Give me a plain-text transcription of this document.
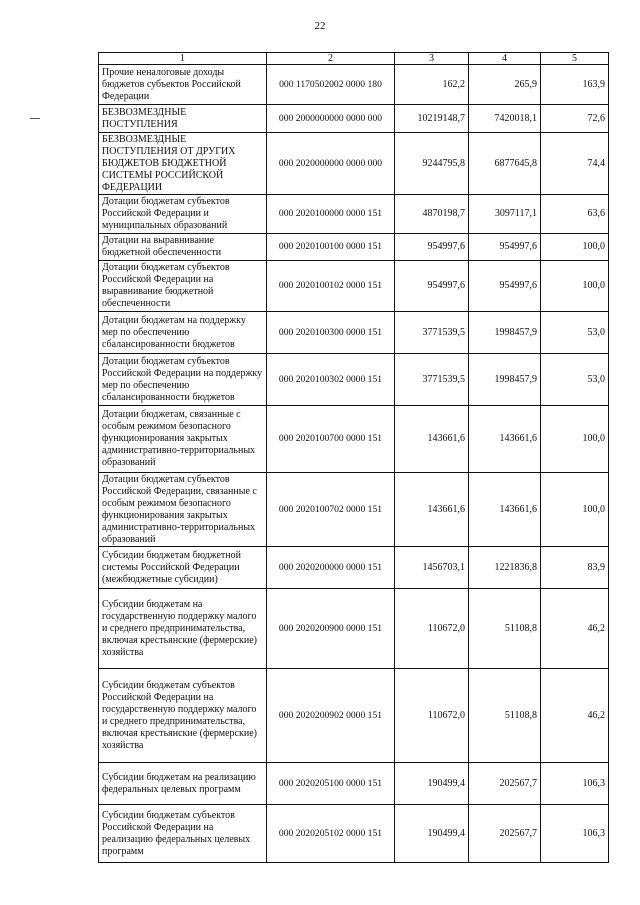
22
1	2	3	4	5
Прочие неналоговые доходы бюджетов субъектов Российской Федерации	000 1170502002 0000 180	162,2	265,9	163,9
БЕЗВОЗМЕЗДНЫЕ ПОСТУПЛЕНИЯ	000 2000000000 0000 000	10219148,7	7420018,1	72,6
БЕЗВОЗМЕЗДНЫЕ ПОСТУПЛЕНИЯ ОТ ДРУГИХ БЮДЖЕТОВ БЮДЖЕТНОЙ СИСТЕМЫ РОССИЙСКОЙ ФЕДЕРАЦИИ	000 2020000000 0000 000	9244795,8	6877645,8	74,4
Дотации бюджетам субъектов Российской Федерации и муниципальных образований	000 2020100000 0000 151	4870198,7	3097117,1	63,6
Дотации на выравнивание бюджетной обеспеченности	000 2020100100 0000 151	954997,6	954997,6	100,0
Дотации бюджетам субъектов Российской Федерации на выравнивание бюджетной обеспеченности	000 2020100102 0000 151	954997,6	954997,6	100,0
Дотации бюджетам на поддержку мер по обеспечению сбалансированности бюджетов	000 2020100300 0000 151	3771539,5	1998457,9	53,0
Дотации бюджетам субъектов Российской Федерации на поддержку мер по обеспечению сбалансированности бюджетов	000 2020100302 0000 151	3771539,5	1998457,9	53,0
Дотации бюджетам, связанные с особым режимом безопасного функционирования закрытых административно-территориальных образований	000 2020100700 0000 151	143661,6	143661,6	100,0
Дотации бюджетам субъектов Российской Федерации, связанные с особым режимом безопасного функционирования закрытых административно-территориальных образований	000 2020100702 0000 151	143661,6	143661,6	100,0
Субсидии бюджетам бюджетной системы Российской Федерации (межбюджетные субсидии)	000 2020200000 0000 151	1456703,1	1221836,8	83,9
Субсидии бюджетам на государственную поддержку малого и среднего предпринимательства, включая крестьянские (фермерские) хозяйства	000 2020200900 0000 151	110672,0	51108,8	46,2
Субсидии бюджетам субъектов Российской Федерации на государственную поддержку малого и среднего предпринимательства, включая крестьянские (фермерские) хозяйства	000 2020200902 0000 151	110672,0	51108,8	46,2
Субсидии бюджетам на реализацию федеральных целевых программ	000 2020205100 0000 151	190499,4	202567,7	106,3
Субсидии бюджетам субъектов Российской Федерации на реализацию федеральных целевых программ	000 2020205102 0000 151	190499,4	202567,7	106,3
